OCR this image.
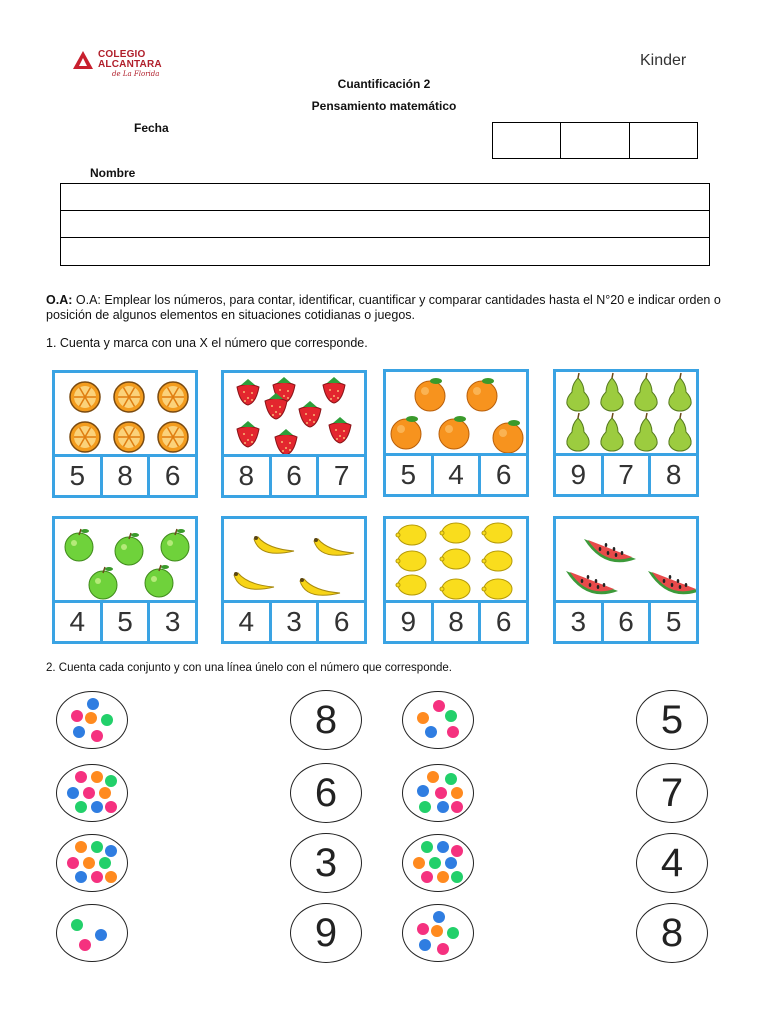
COLEGIO
ALCANTARA
de La Florida
Kinder
Cuantificación 2
Pensamiento matemático
Fecha
Nombre
O.A: O.A: Emplear los números, para contar, identificar, cuantificar y comparar cantidades hasta el N°20 e indicar orden o posición de algunos elementos en situaciones cotidianas o juegos.
1. Cuenta y marca con una X el número que corresponde.
5	8	6	8	6	7	5	4	6	9	7	8
4	5	3	4	3	6	9	8	6	3	6	5
2. Cuenta cada conjunto y con una línea únelo con el número que corresponde.
8
6
3
9
5
7
4
8
